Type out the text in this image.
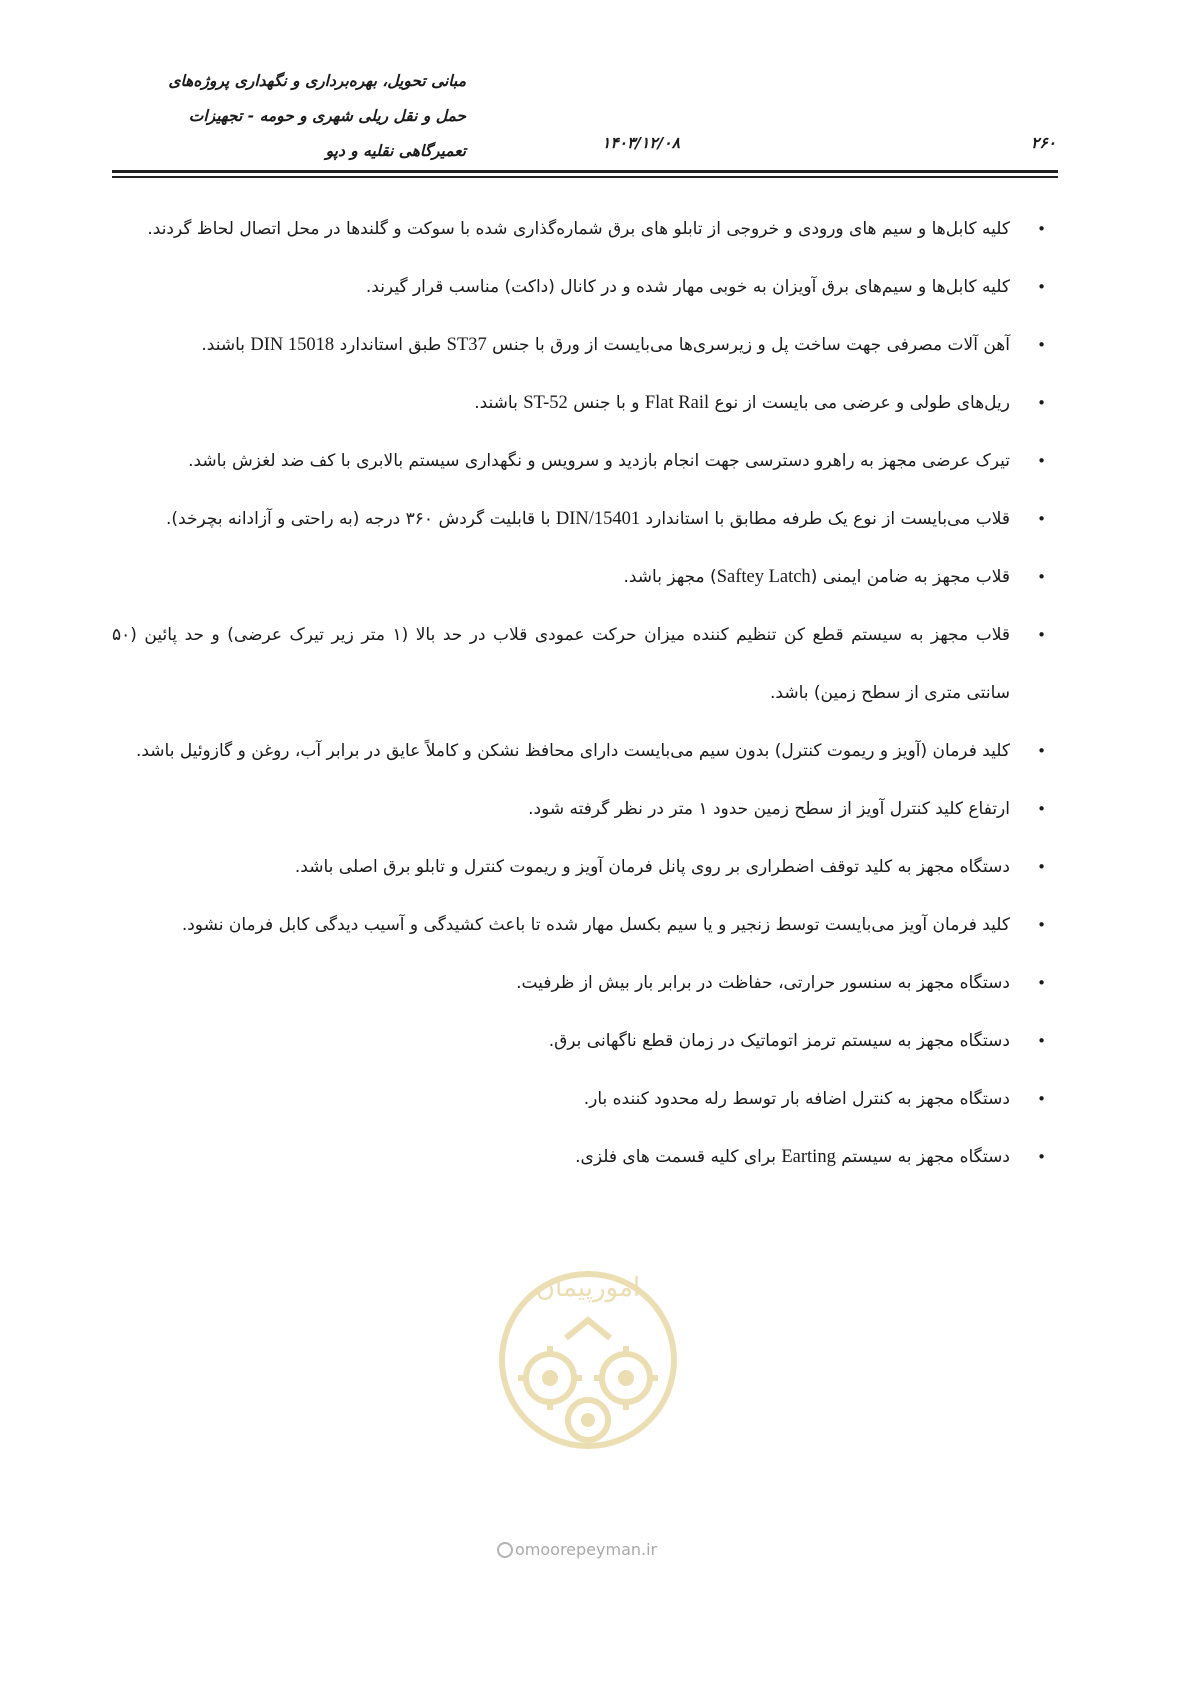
مبانی تحویل، بهره‌برداری و نگهداری پروژه‌های
حمل و نقل ریلی شهری و حومه - تجهیزات
تعمیرگاهی نقلیه و دپو	۱۴۰۳/۱۲/۰۸	۲۶۰
•
کلیه کابل‌ها و سیم های ورودی و خروجی از تابلو های برق شماره‌گذاری شده با سوکت و گلندها در محل اتصال لحاظ گردند.
•
کلیه کابل‌ها و سیم‌های برق آویزان به خوبی مهار شده و در کانال (داکت) مناسب قرار گیرند.
•
آهن آلات مصرفی جهت ساخت پل و زیرسری‌ها می‌بایست از ورق با جنس ST37 طبق استاندارد DIN 15018 باشند.
•
ریل‌های طولی و عرضی می بایست از نوع Flat Rail و با جنس ST-52 باشند.
•
تیرک عرضی مجهز به راهرو دسترسی جهت انجام بازدید و سرویس و نگهداری سیستم بالابری با کف ضد لغزش باشد.
•
قلاب می‌بایست از نوع یک طرفه مطابق با استاندارد DIN/15401 با قابلیت گردش ۳۶۰ درجه (به راحتی و آزادانه بچرخد).
•
قلاب مجهز به ضامن ایمنی (Saftey Latch) مجهز باشد.
•
قلاب مجهز به سیستم قطع کن تنظیم کننده میزان حرکت عمودی قلاب در حد بالا (۱ متر زیر تیرک عرضی) و حد پائین (۵۰ سانتی متری از سطح زمین) باشد.
•
کلید فرمان (آویز و ریموت کنترل) بدون سیم می‌بایست دارای محافظ نشکن و کاملاً عایق در برابر آب، روغن و گازوئیل باشد.
•
ارتفاع کلید کنترل آویز از سطح زمین حدود ۱ متر در نظر گرفته شود.
•
دستگاه مجهز به کلید توقف اضطراری بر روی پانل فرمان آویز و ریموت کنترل و تابلو برق اصلی باشد.
•
کلید فرمان آویز می‌بایست توسط زنجیر و یا سیم بکسل مهار شده تا باعث کشیدگی و آسیب دیدگی کابل فرمان نشود.
•
دستگاه مجهز به سنسور حرارتی، حفاظت در برابر بار بیش از ظرفیت.
•
دستگاه مجهز به سیستم ترمز اتوماتیک در زمان قطع ناگهانی برق.
•
دستگاه مجهز به کنترل اضافه بار توسط رله محدود کننده بار.
•
دستگاه مجهز به سیستم Earting برای کلیه قسمت های فلزی.
امورپیمان
omoorepeyman.ir
